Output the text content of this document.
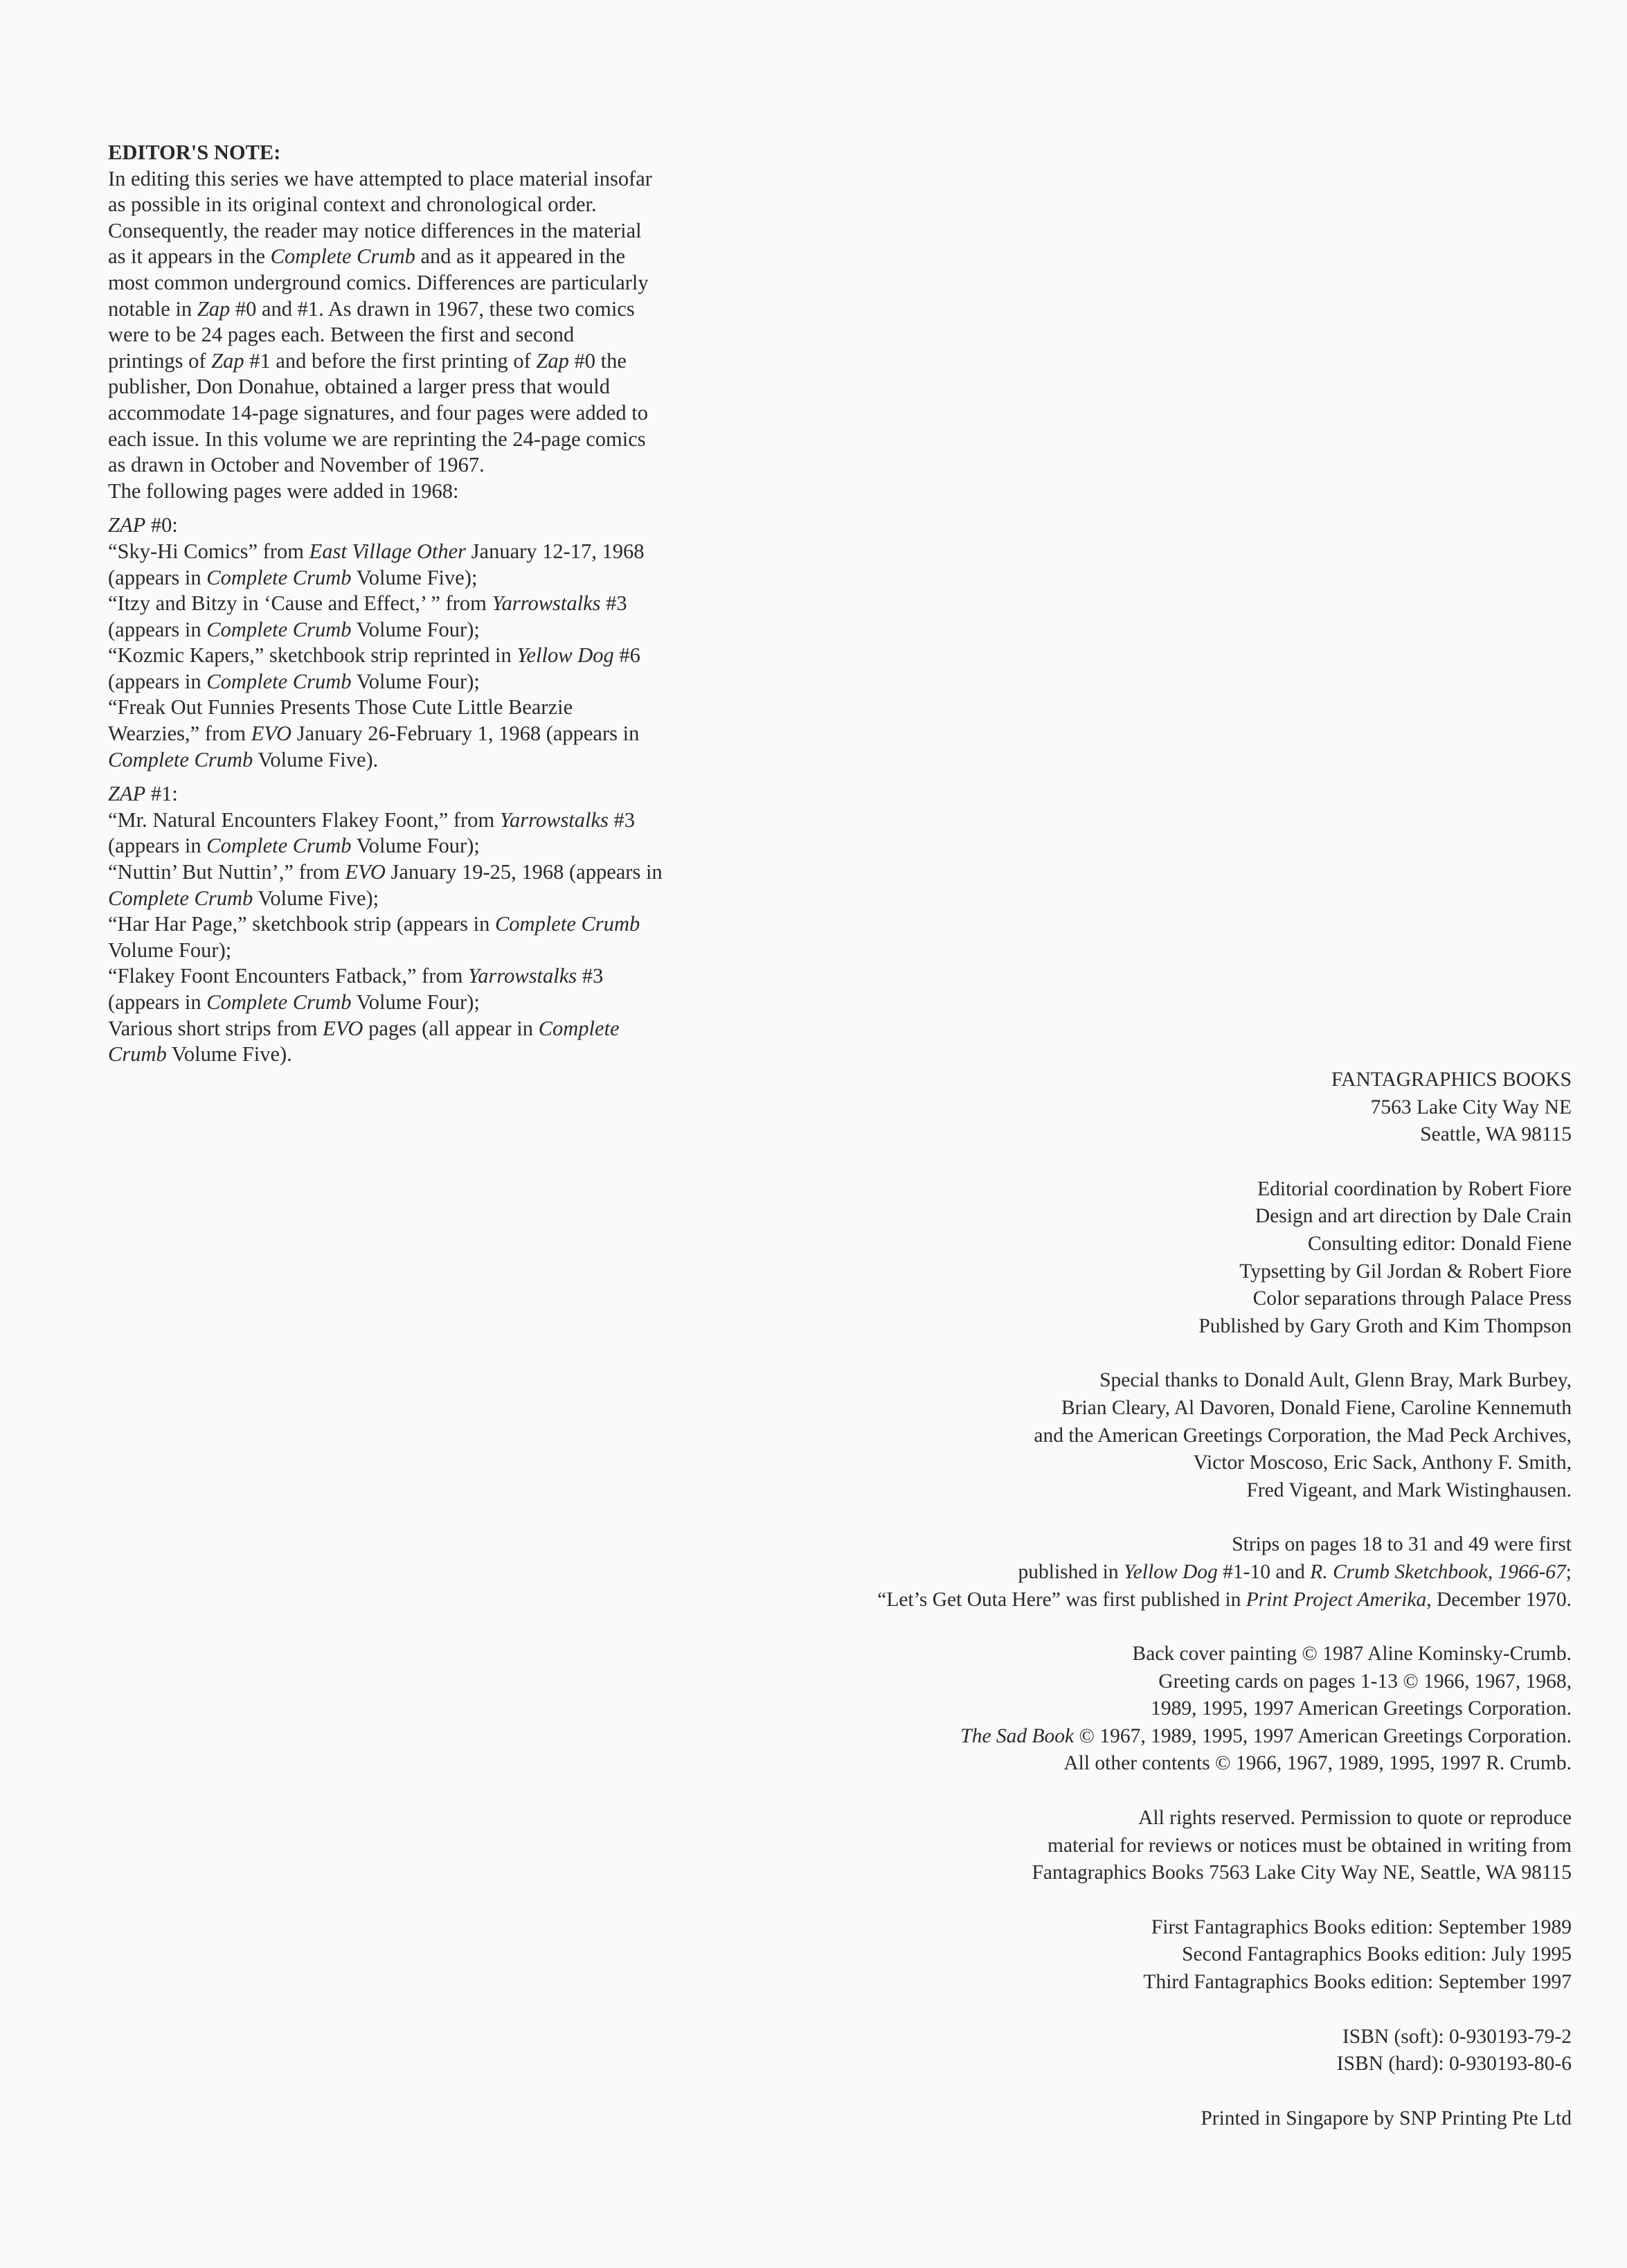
EDITOR'S NOTE:
In editing this series we have attempted to place material insofar
as possible in its original context and chronological order.
Consequently, the reader may notice differences in the material
as it appears in the Complete Crumb and as it appeared in the
most common underground comics. Differences are particularly
notable in Zap #0 and #1. As drawn in 1967, these two comics
were to be 24 pages each. Between the first and second
printings of Zap #1 and before the first printing of Zap #0 the
publisher, Don Donahue, obtained a larger press that would
accommodate 14-page signatures, and four pages were added to
each issue. In this volume we are reprinting the 24-page comics
as drawn in October and November of 1967.
The following pages were added in 1968:
ZAP #0:
“Sky-Hi Comics” from East Village Other January 12-17, 1968
(appears in Complete Crumb Volume Five);
“Itzy and Bitzy in ‘Cause and Effect,’ ” from Yarrowstalks #3
(appears in Complete Crumb Volume Four);
“Kozmic Kapers,” sketchbook strip reprinted in Yellow Dog #6
(appears in Complete Crumb Volume Four);
“Freak Out Funnies Presents Those Cute Little Bearzie
Wearzies,” from EVO January 26-February 1, 1968 (appears in
Complete Crumb Volume Five).
ZAP #1:
“Mr. Natural Encounters Flakey Foont,” from Yarrowstalks #3
(appears in Complete Crumb Volume Four);
“Nuttin’ But Nuttin’,” from EVO January 19-25, 1968 (appears in
Complete Crumb Volume Five);
“Har Har Page,” sketchbook strip (appears in Complete Crumb
Volume Four);
“Flakey Foont Encounters Fatback,” from Yarrowstalks #3
(appears in Complete Crumb Volume Four);
Various short strips from EVO pages (all appear in Complete
Crumb Volume Five).
FANTAGRAPHICS BOOKS
7563 Lake City Way NE
Seattle, WA 98115
Editorial coordination by Robert Fiore
Design and art direction by Dale Crain
Consulting editor: Donald Fiene
Typsetting by Gil Jordan & Robert Fiore
Color separations through Palace Press
Published by Gary Groth and Kim Thompson
Special thanks to Donald Ault, Glenn Bray, Mark Burbey,
Brian Cleary, Al Davoren, Donald Fiene, Caroline Kennemuth
and the American Greetings Corporation, the Mad Peck Archives,
Victor Moscoso, Eric Sack, Anthony F. Smith,
Fred Vigeant, and Mark Wistinghausen.
Strips on pages 18 to 31 and 49 were first
published in Yellow Dog #1-10 and R. Crumb Sketchbook, 1966-67;
“Let’s Get Outa Here” was first published in Print Project Amerika, December 1970.
Back cover painting © 1987 Aline Kominsky-Crumb.
Greeting cards on pages 1-13 © 1966, 1967, 1968,
1989, 1995, 1997 American Greetings Corporation.
The Sad Book © 1967, 1989, 1995, 1997 American Greetings Corporation.
All other contents © 1966, 1967, 1989, 1995, 1997 R. Crumb.
All rights reserved. Permission to quote or reproduce
material for reviews or notices must be obtained in writing from
Fantagraphics Books 7563 Lake City Way NE, Seattle, WA 98115
First Fantagraphics Books edition: September 1989
Second Fantagraphics Books edition: July 1995
Third Fantagraphics Books edition: September 1997
ISBN (soft): 0-930193-79-2
ISBN (hard): 0-930193-80-6
Printed in Singapore by SNP Printing Pte Ltd
